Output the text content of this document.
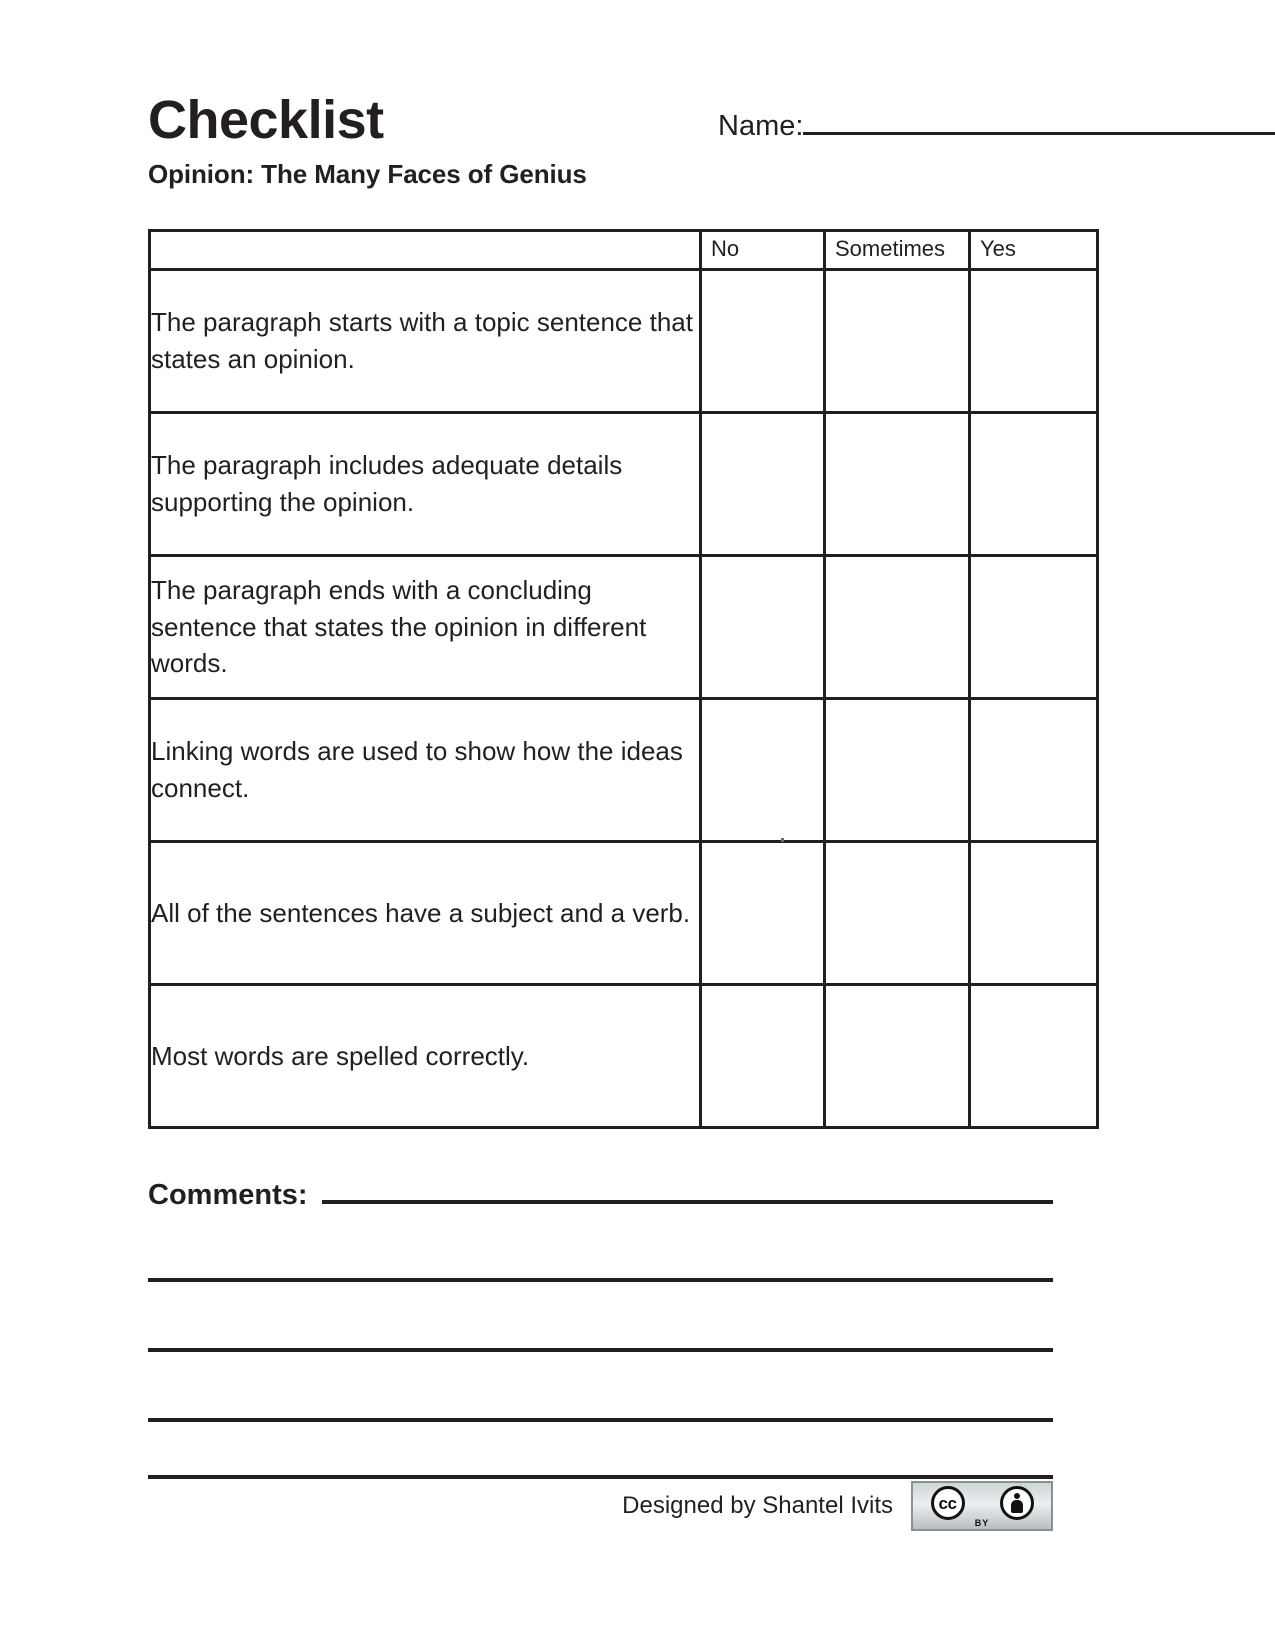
Checklist	Name:
Opinion: The Many Faces of Genius
	No	Sometimes	Yes
The paragraph starts with a topic sentence that states an opinion.			
The paragraph includes adequate details supporting the opinion.			
The paragraph ends with a concluding sentence that states the opinion in different words.			
Linking words are used to show how the ideas connect.			
All of the sentences have a subject and a verb.			
Most words are spelled correctly.			
Comments:
Designed by Shantel Ivits	cc
BY
